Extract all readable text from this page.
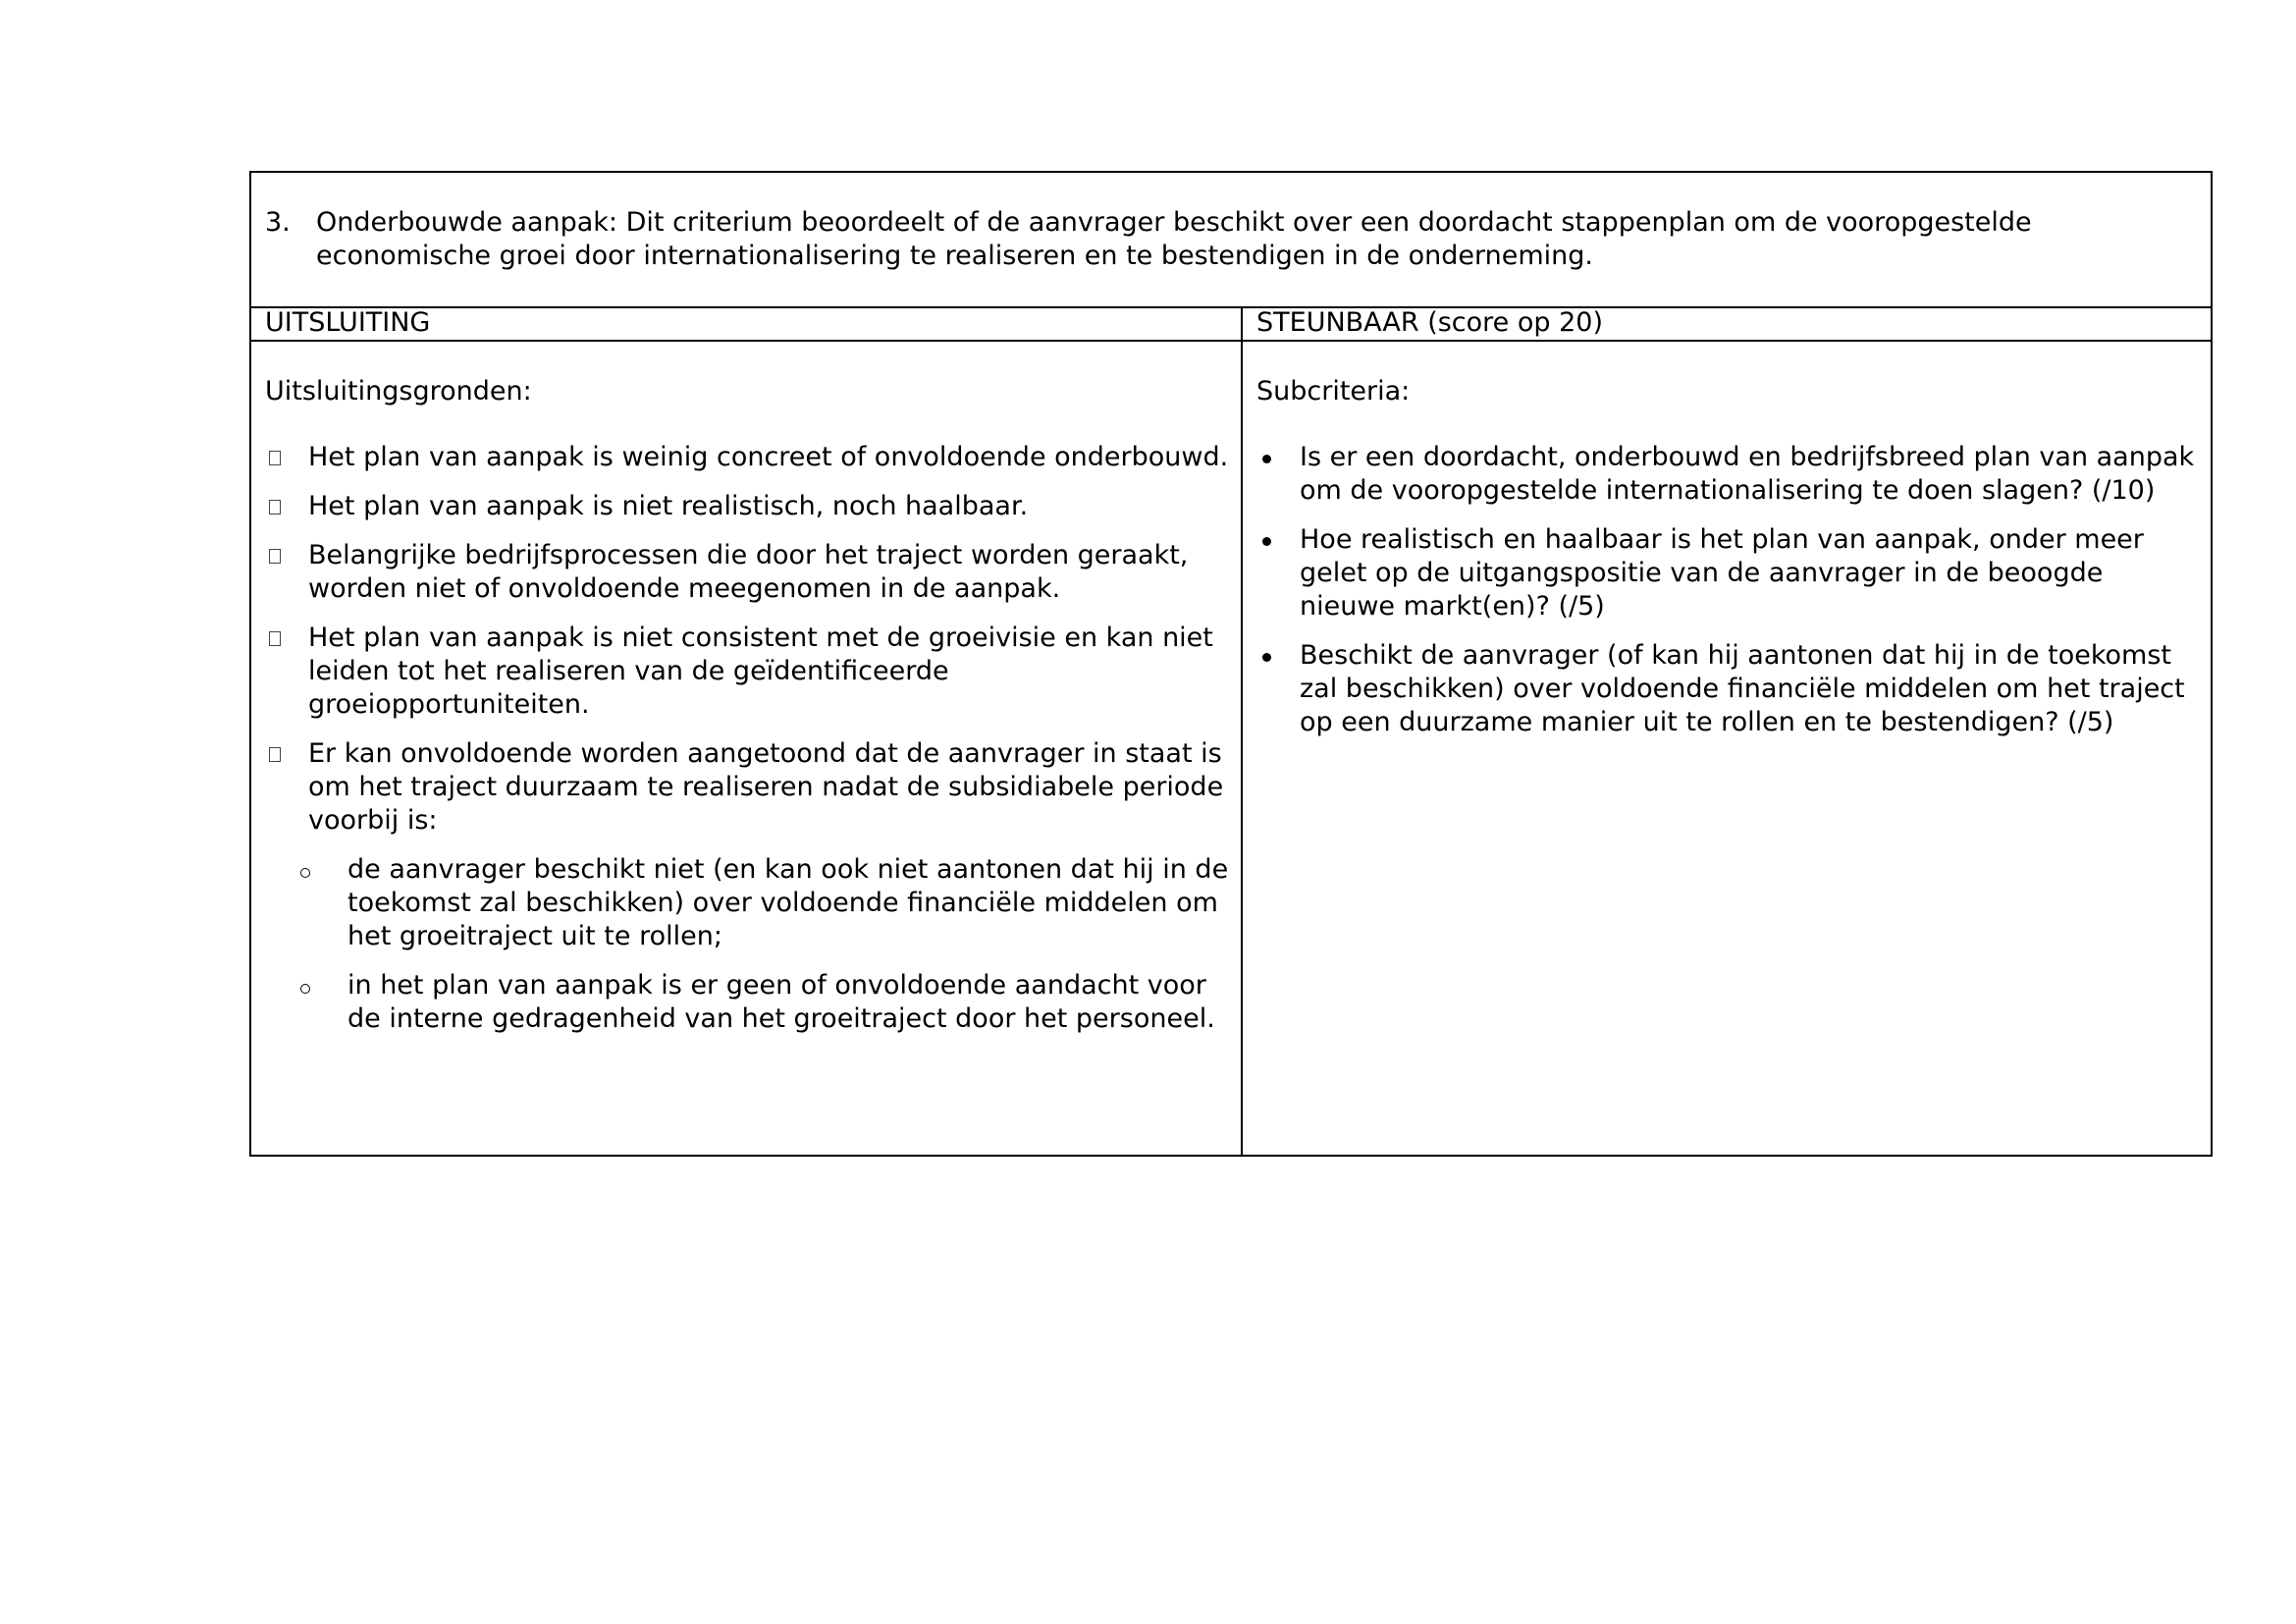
3. Onderbouwde aanpak: Dit criterium beoordeelt of de aanvrager beschikt over een doordacht stappenplan om de vooropgestelde economische groei door internationalisering te realiseren en te bestendigen in de onderneming.
UITSLUITING	STEUNBAAR (score op 20)

Uitsluitingsgronden:

Het plan van aanpak is weinig concreet of onvoldoende onderbouwd.
Het plan van aanpak is niet realistisch, noch haalbaar.
Belangrijke bedrijfsprocessen die door het traject worden geraakt, worden niet of onvoldoende meegenomen in de aanpak.
Het plan van aanpak is niet consistent met de groeivisie en kan niet leiden tot het realiseren van de geïdentificeerde groeiopportuniteiten.
Er kan onvoldoende worden aangetoond dat de aanvrager in staat is om het traject duurzaam te realiseren nadat de subsidiabele periode voorbij is:
de aanvrager beschikt niet (en kan ook niet aantonen dat hij in de toekomst zal beschikken) over voldoende financiële middelen om het groeitraject uit te rollen;
in het plan van aanpak is er geen of onvoldoende aandacht voor de interne gedragenheid van het groeitraject door het personeel.

Subcriteria:

Is er een doordacht, onderbouwd en bedrijfsbreed plan van aanpak om de vooropgestelde internationalisering te doen slagen? (/10)
Hoe realistisch en haalbaar is het plan van aanpak, onder meer gelet op de uitgangspositie van de aanvrager in de beoogde nieuwe markt(en)? (/5)
Beschikt de aanvrager (of kan hij aantonen dat hij in de toekomst zal beschikken) over voldoende financiële middelen om het traject op een duurzame manier uit te rollen en te bestendigen? (/5)
